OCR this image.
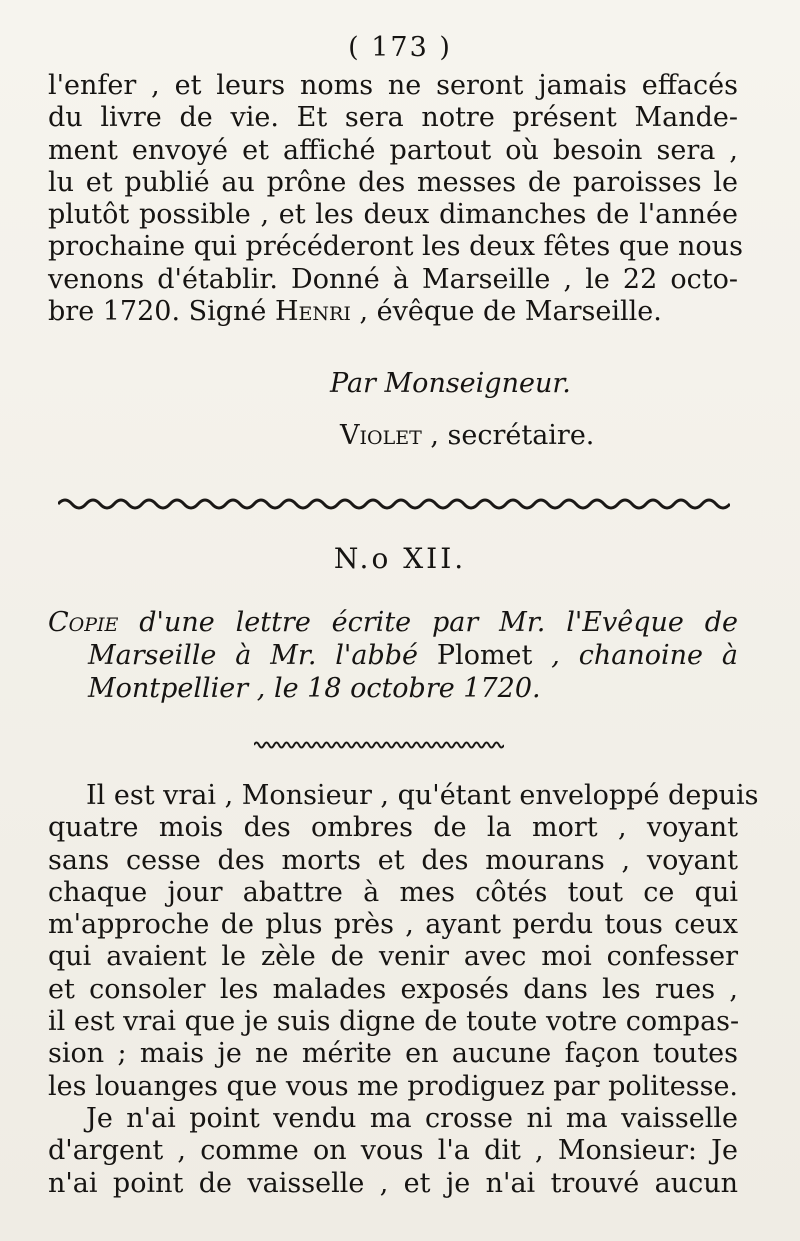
( 173 )
l'enfer , et leurs noms ne seront jamais effacés
du livre de vie. Et sera notre présent Mande-
ment envoyé et affiché partout où besoin sera ,
lu et publié au prône des messes de paroisses le
plutôt possible , et les deux dimanches de l'année
prochaine qui précéderont les deux fêtes que nous
venons d'établir. Donné à Marseille , le 22 octo-
bre 1720. Signé Henri , évêque de Marseille.
Par Monseigneur.
Violet , secrétaire.
N.o XII.
Copie d'une lettre écrite par Mr. l'Evêque de
Marseille à Mr. l'abbé Plomet , chanoine à
Montpellier , le 18 octobre 1720.
Il est vrai , Monsieur , qu'étant enveloppé depuis
quatre mois des ombres de la mort , voyant
sans cesse des morts et des mourans , voyant
chaque jour abattre à mes côtés tout ce qui
m'approche de plus près , ayant perdu tous ceux
qui avaient le zèle de venir avec moi confesser
et consoler les malades exposés dans les rues ,
il est vrai que je suis digne de toute votre compas-
sion ; mais je ne mérite en aucune façon toutes
les louanges que vous me prodiguez par politesse.
Je n'ai point vendu ma crosse ni ma vaisselle
d'argent , comme on vous l'a dit , Monsieur: Je
n'ai point de vaisselle , et je n'ai trouvé aucun
